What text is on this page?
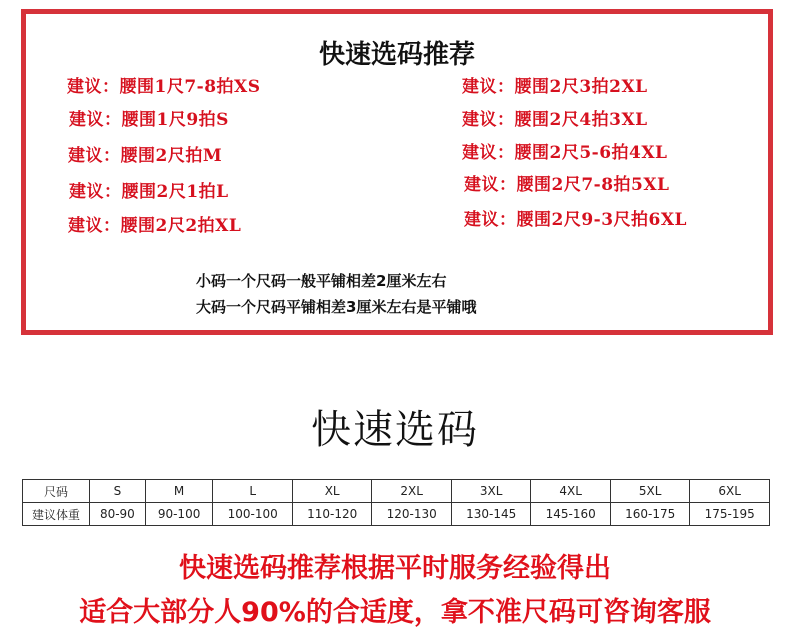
快速选码推荐
建议：腰围1尺7-8拍XS
建议：腰围1尺9拍S
建议：腰围2尺拍M
建议：腰围2尺1拍L
建议：腰围2尺2拍XL
建议：腰围2尺3拍2XL
建议：腰围2尺4拍3XL
建议：腰围2尺5-6拍4XL
建议：腰围2尺7-8拍5XL
建议：腰围2尺9-3尺拍6XL
小码一个尺码一般平铺相差2厘米左右
大码一个尺码平铺相差3厘米左右是平铺哦
快速选码
尺码	S	M	L	XL	2XL	3XL	4XL	5XL	6XL
建议体重	80-90	90-100	100-100	110-120	120-130	130-145	145-160	160-175	175-195
快速选码推荐根据平时服务经验得出
适合大部分人90%的合适度，拿不准尺码可咨询客服
